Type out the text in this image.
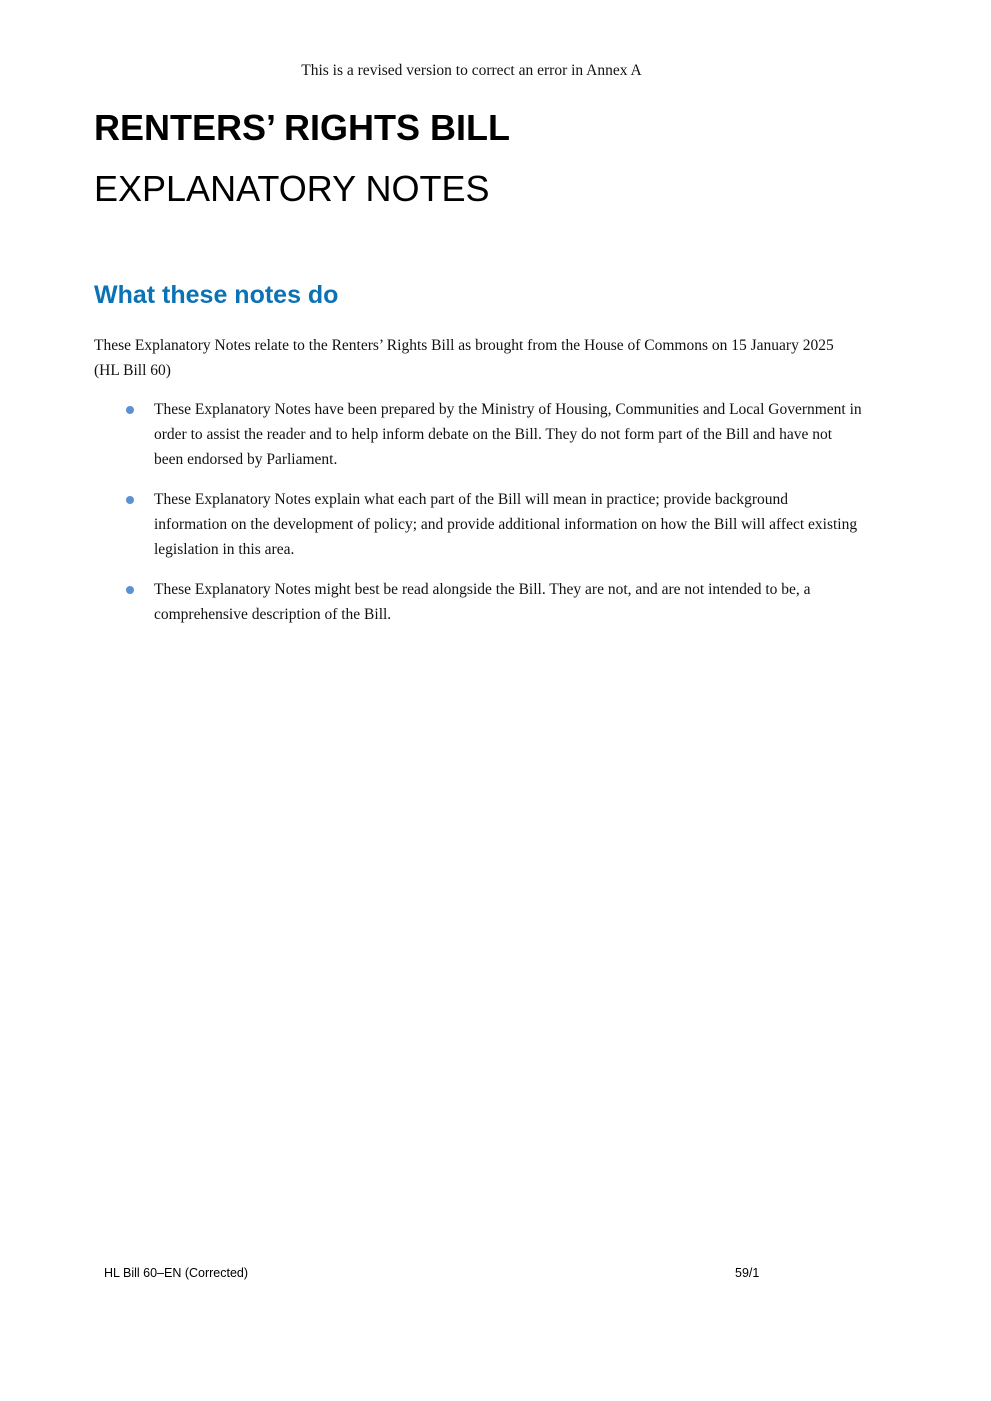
This is a revised version to correct an error in Annex A
RENTERS’ RIGHTS BILL
EXPLANATORY NOTES
What these notes do

These Explanatory Notes relate to the Renters’ Rights Bill as brought from the House of Commons on 15 January 2025 (HL Bill 60)

These Explanatory Notes have been prepared by the Ministry of Housing, Communities and Local Government in order to assist the reader and to help inform debate on the Bill. They do not form part of the Bill and have not been endorsed by Parliament.
These Explanatory Notes explain what each part of the Bill will mean in practice; provide background information on the development of policy; and provide additional information on how the Bill will affect existing legislation in this area.
These Explanatory Notes might best be read alongside the Bill. They are not, and are not intended to be, a comprehensive description of the Bill.
HL Bill 60–EN (Corrected)	59/1
